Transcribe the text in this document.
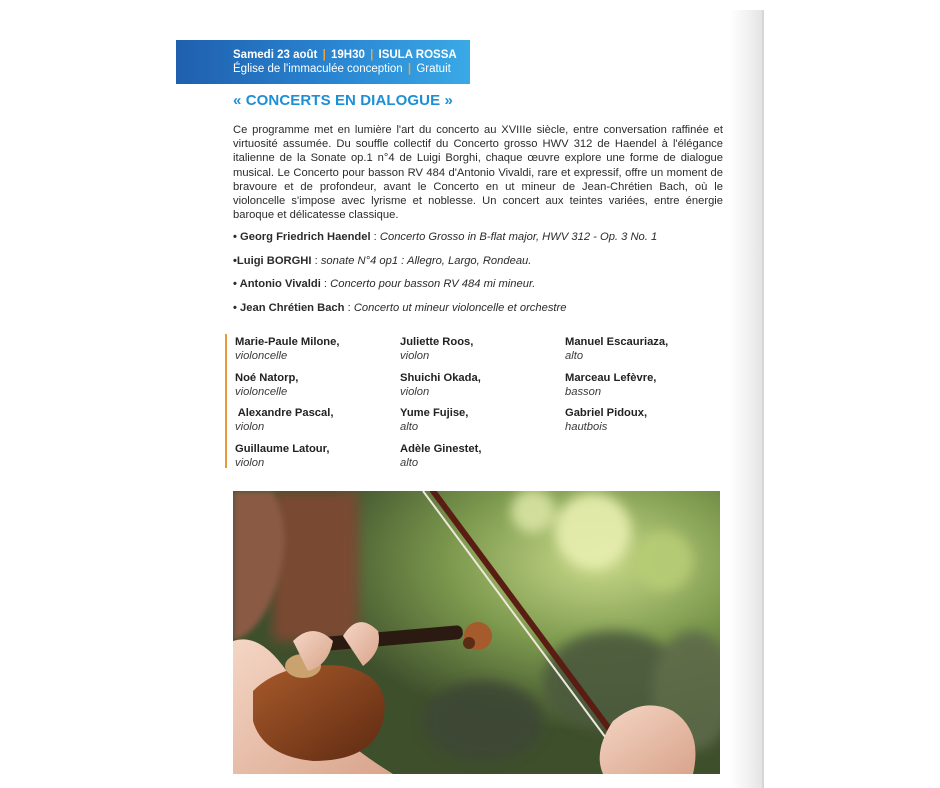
Samedi 23 août | 19H30 | ISULA ROSSA
Église de l'immaculée conception | Gratuit
« CONCERTS EN DIALOGUE »

Ce programme met en lumière l'art du concerto au XVIIIe siècle, entre conversation raffinée et virtuosité assumée. Du souffle collectif du Concerto grosso HWV 312 de Haendel à l'élégance italienne de la Sonate op.1 n°4 de Luigi Borghi, chaque œuvre explore une forme de dialogue musical. Le Concerto pour basson RV 484 d'Antonio Vivaldi, rare et expressif, offre un moment de bravoure et de profondeur, avant le Concerto en ut mineur de Jean-Chrétien Bach, où le violoncelle s'impose avec lyrisme et noblesse. Un concert aux teintes variées, entre énergie baroque et délicatesse classique.

• Georg Friedrich Haendel : Concerto Grosso in B-flat major, HWV 312 - Op. 3 No. 1
•Luigi BORGHI : sonate N°4 op1 : Allegro, Largo, Rondeau.
• Antonio Vivaldi : Concerto pour basson RV 484 mi mineur.
• Jean Chrétien Bach : Concerto ut mineur violoncelle et orchestre
Marie-Paule Milone,
violoncelle
Noé Natorp,
violoncelle
Alexandre Pascal,
violon
Guillaume Latour,
violon
Juliette Roos,
violon
Shuichi Okada,
violon
Yume Fujise,
alto
Adèle Ginestet,
alto
Manuel Escauriaza,
alto
Marceau Lefèvre,
basson
Gabriel Pidoux,
hautbois
